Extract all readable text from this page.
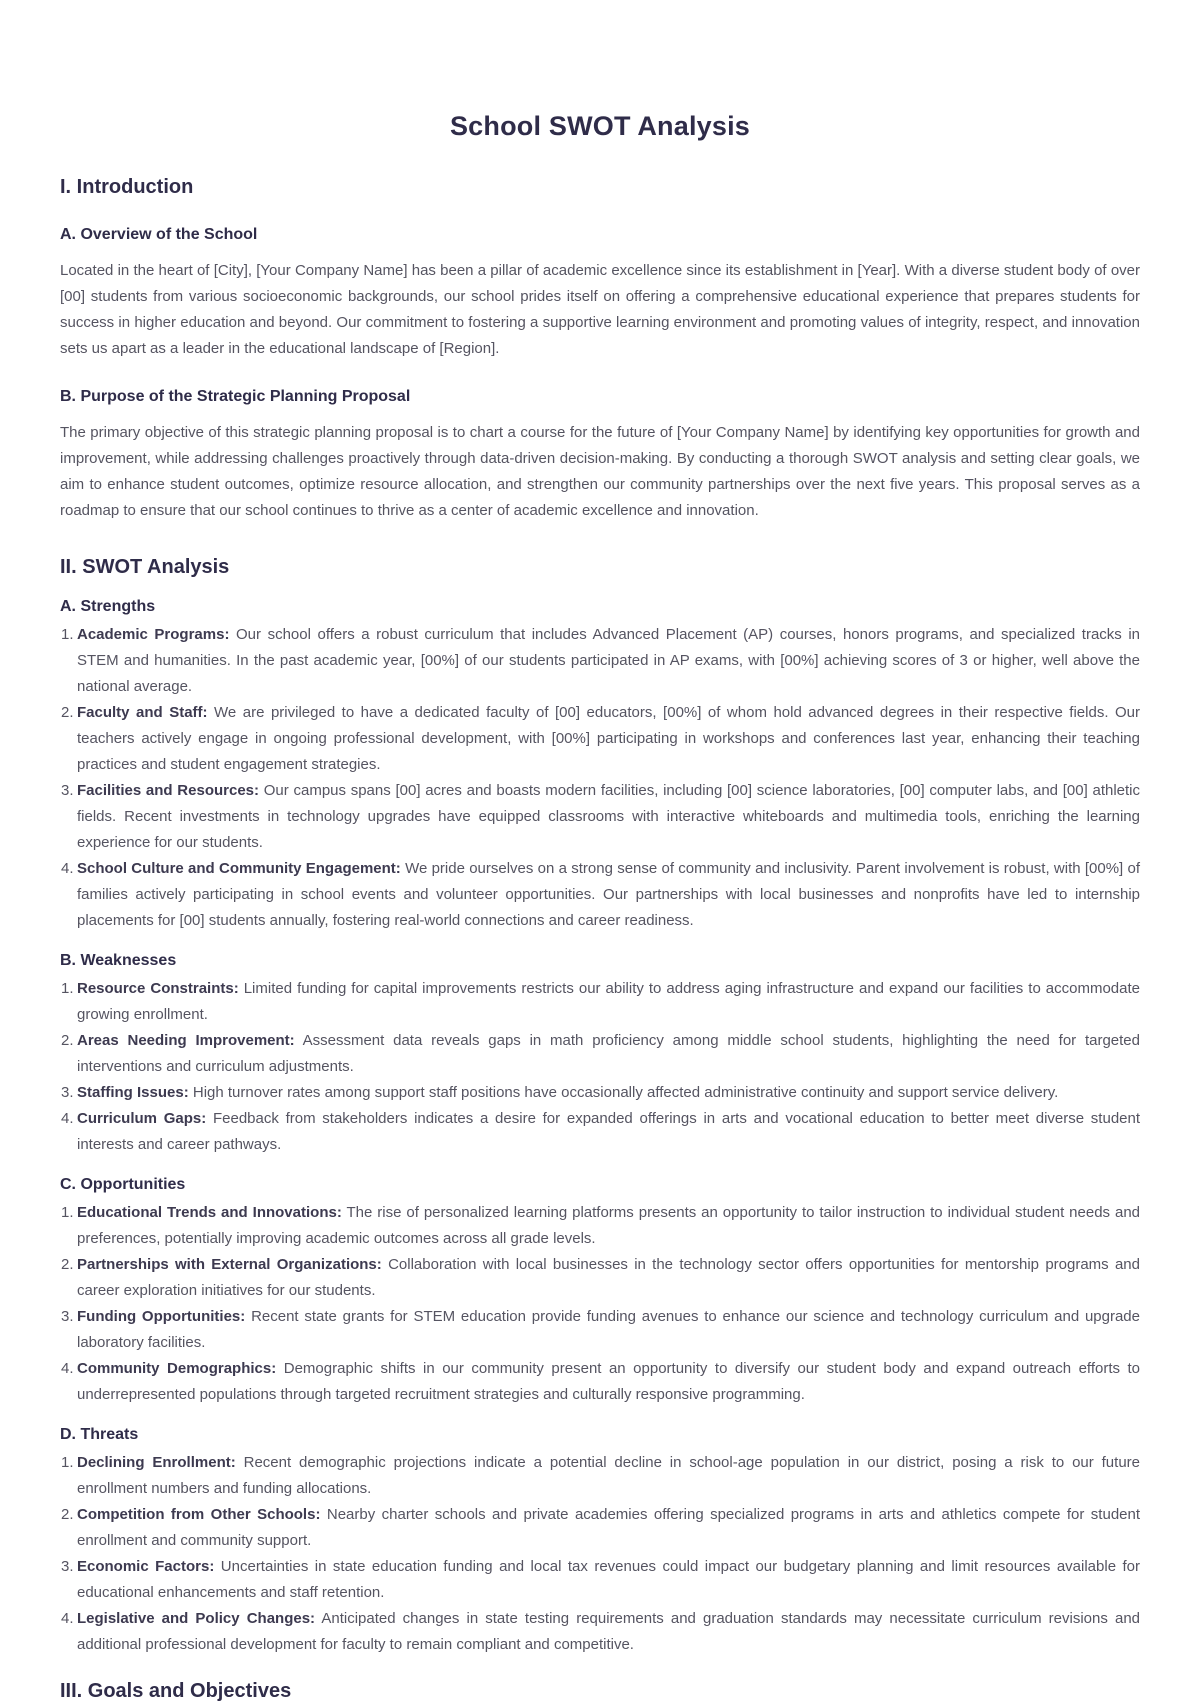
School SWOT Analysis
I. Introduction
A. Overview of the School

Located in the heart of [City], [Your Company Name] has been a pillar of academic excellence since its establishment in [Year]. With a diverse student body of over [00] students from various socioeconomic backgrounds, our school prides itself on offering a comprehensive educational experience that prepares students for success in higher education and beyond. Our commitment to fostering a supportive learning environment and promoting values of integrity, respect, and innovation sets us apart as a leader in the educational landscape of [Region].

B. Purpose of the Strategic Planning Proposal

The primary objective of this strategic planning proposal is to chart a course for the future of [Your Company Name] by identifying key opportunities for growth and improvement, while addressing challenges proactively through data-driven decision-making. By conducting a thorough SWOT analysis and setting clear goals, we aim to enhance student outcomes, optimize resource allocation, and strengthen our community partnerships over the next five years. This proposal serves as a roadmap to ensure that our school continues to thrive as a center of academic excellence and innovation.

II. SWOT Analysis
A. Strengths
1. Academic Programs: Our school offers a robust curriculum that includes Advanced Placement (AP) courses, honors programs, and specialized tracks in STEM and humanities. In the past academic year, [00%] of our students participated in AP exams, with [00%] achieving scores of 3 or higher, well above the national average.
2. Faculty and Staff: We are privileged to have a dedicated faculty of [00] educators, [00%] of whom hold advanced degrees in their respective fields. Our teachers actively engage in ongoing professional development, with [00%] participating in workshops and conferences last year, enhancing their teaching practices and student engagement strategies.
3. Facilities and Resources: Our campus spans [00] acres and boasts modern facilities, including [00] science laboratories, [00] computer labs, and [00] athletic fields. Recent investments in technology upgrades have equipped classrooms with interactive whiteboards and multimedia tools, enriching the learning experience for our students.
4. School Culture and Community Engagement: We pride ourselves on a strong sense of community and inclusivity. Parent involvement is robust, with [00%] of families actively participating in school events and volunteer opportunities. Our partnerships with local businesses and nonprofits have led to internship placements for [00] students annually, fostering real-world connections and career readiness.
B. Weaknesses
1. Resource Constraints: Limited funding for capital improvements restricts our ability to address aging infrastructure and expand our facilities to accommodate growing enrollment.
2. Areas Needing Improvement: Assessment data reveals gaps in math proficiency among middle school students, highlighting the need for targeted interventions and curriculum adjustments.
3. Staffing Issues: High turnover rates among support staff positions have occasionally affected administrative continuity and support service delivery.
4. Curriculum Gaps: Feedback from stakeholders indicates a desire for expanded offerings in arts and vocational education to better meet diverse student interests and career pathways.
C. Opportunities
1. Educational Trends and Innovations: The rise of personalized learning platforms presents an opportunity to tailor instruction to individual student needs and preferences, potentially improving academic outcomes across all grade levels.
2. Partnerships with External Organizations: Collaboration with local businesses in the technology sector offers opportunities for mentorship programs and career exploration initiatives for our students.
3. Funding Opportunities: Recent state grants for STEM education provide funding avenues to enhance our science and technology curriculum and upgrade laboratory facilities.
4. Community Demographics: Demographic shifts in our community present an opportunity to diversify our student body and expand outreach efforts to underrepresented populations through targeted recruitment strategies and culturally responsive programming.
D. Threats
1. Declining Enrollment: Recent demographic projections indicate a potential decline in school-age population in our district, posing a risk to our future enrollment numbers and funding allocations.
2. Competition from Other Schools: Nearby charter schools and private academies offering specialized programs in arts and athletics compete for student enrollment and community support.
3. Economic Factors: Uncertainties in state education funding and local tax revenues could impact our budgetary planning and limit resources available for educational enhancements and staff retention.
4. Legislative and Policy Changes: Anticipated changes in state testing requirements and graduation standards may necessitate curriculum revisions and additional professional development for faculty to remain compliant and competitive.
III. Goals and Objectives
